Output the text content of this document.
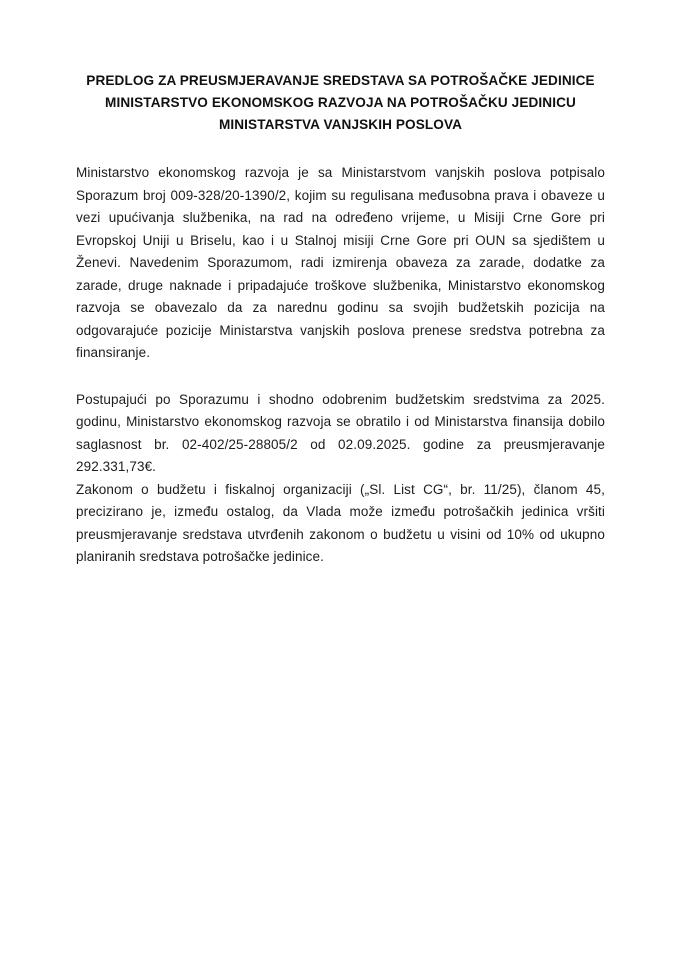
PREDLOG ZA PREUSMJERAVANJE SREDSTAVA SA POTROŠAČKE JEDINICE MINISTARSTVO EKONOMSKOG RAZVOJA NA POTROŠAČKU JEDINICU MINISTARSTVA VANJSKIH POSLOVA

Ministarstvo ekonomskog razvoja je sa Ministarstvom vanjskih poslova potpisalo Sporazum broj 009-328/20-1390/2, kojim su regulisana međusobna prava i obaveze u vezi upućivanja službenika, na rad na određeno vrijeme, u Misiji Crne Gore pri Evropskoj Uniji u Briselu, kao i u Stalnoj misiji Crne Gore pri OUN sa sjedištem u Ženevi. Navedenim Sporazumom, radi izmirenja obaveza za zarade, dodatke za zarade, druge naknade i pripadajuće troškove službenika, Ministarstvo ekonomskog razvoja se obavezalo da za narednu godinu sa svojih budžetskih pozicija na odgovarajuće pozicije Ministarstva vanjskih poslova prenese sredstva potrebna za finansiranje.

Postupajući po Sporazumu i shodno odobrenim budžetskim sredstvima za 2025. godinu, Ministarstvo ekonomskog razvoja se obratilo i od Ministarstva finansija dobilo saglasnost br. 02-402/25-28805/2 od 02.09.2025. godine za preusmjeravanje 292.331,73€.

Zakonom o budžetu i fiskalnoj organizaciji („Sl. List CG“, br. 11/25), članom 45, precizirano je, između ostalog, da Vlada može između potrošačkih jedinica vršiti preusmjeravanje sredstava utvrđenih zakonom o budžetu u visini od 10% od ukupno planiranih sredstava potrošačke jedinice.
